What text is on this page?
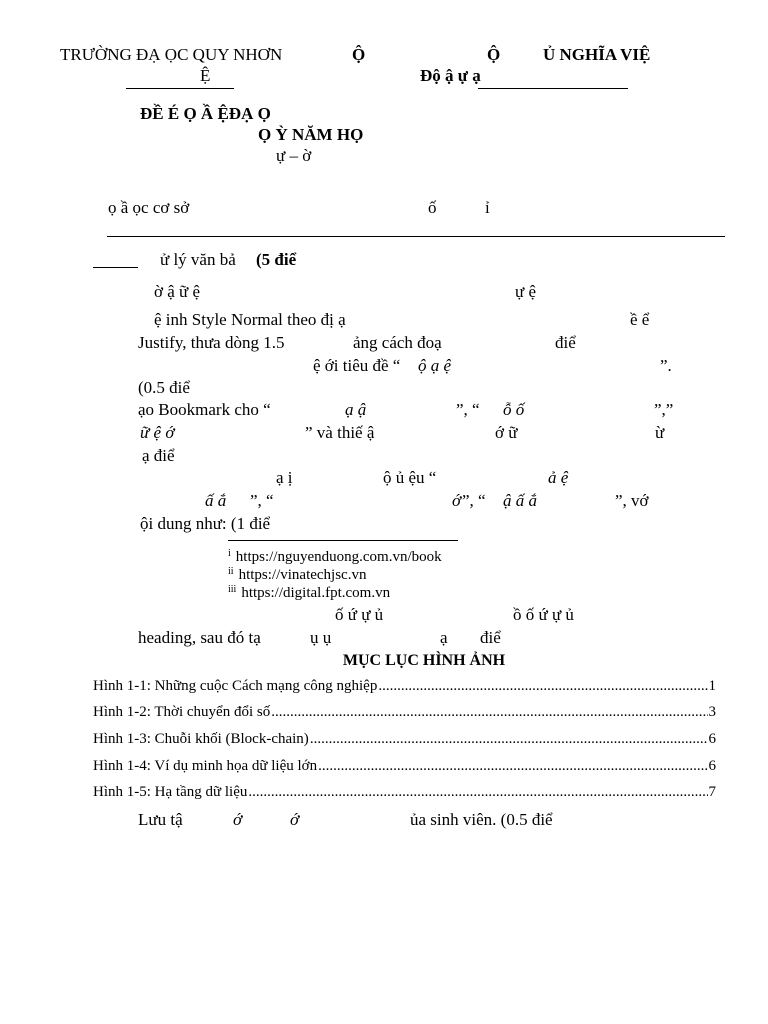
TRƯỜNG ĐẠ ỌC QUY NHƠN
Ệ
Ộ	Ộ	Ủ NGHĨA VIỆ
Độ ậ ự ạ
ĐỀ É Ọ Ầ ỆĐẠ Ọ
Ọ Ỳ NĂM HỌ
ự – ờ
ọ ầ ọc cơ sở	ố	ỉ
ử lý văn bả (5 điể
ờ ậ ữ ệ	ự ệ
ệ inh Style Normal theo đị ạ	ề ể
Justify, thưa dòng 1.5	ảng cách đoạ	điể
ệ ới tiêu đề “ ộ ạ ệ	”.
(0.5 điể
ạo Bookmark cho “	ạ ậ	”, “ ỗ ố	”,”
ữ ệ ớ	” và thiế ậ	ớ ữ	ừ
ạ điể
ạ ị	ộ ủ ệu “	ả ệ
ấ ắ ”, “	ớ ”, “ ậ ấ ắ	”, vớ
ội dung như: (1 điể
$^i$ https://nguyenduong.com.vn/book
$^{ii}$ https://vinatechjsc.vn
$^{iii}$ https://digital.fpt.com.vn
ố ứ ự ủ	ồ ố ứ ự ủ
heading, sau đó tạ	ụ ụ	ạ điể
MỤC LỤC HÌNH ẢNH
Hình 1-1: Những cuộc Cách mạng công nghiệp .....	1
Hình 1-2: Thời chuyển đổi số .....	3
Hình 1-3: Chuỗi khối (Block-chain) .....	6
Hình 1-4: Ví dụ minh họa dữ liệu lớn .....	6
Hình 1-5: Hạ tầng dữ liệu .....	7
Lưu tậ	ớ	ớ	ủa sinh viên. (0.5 điể
